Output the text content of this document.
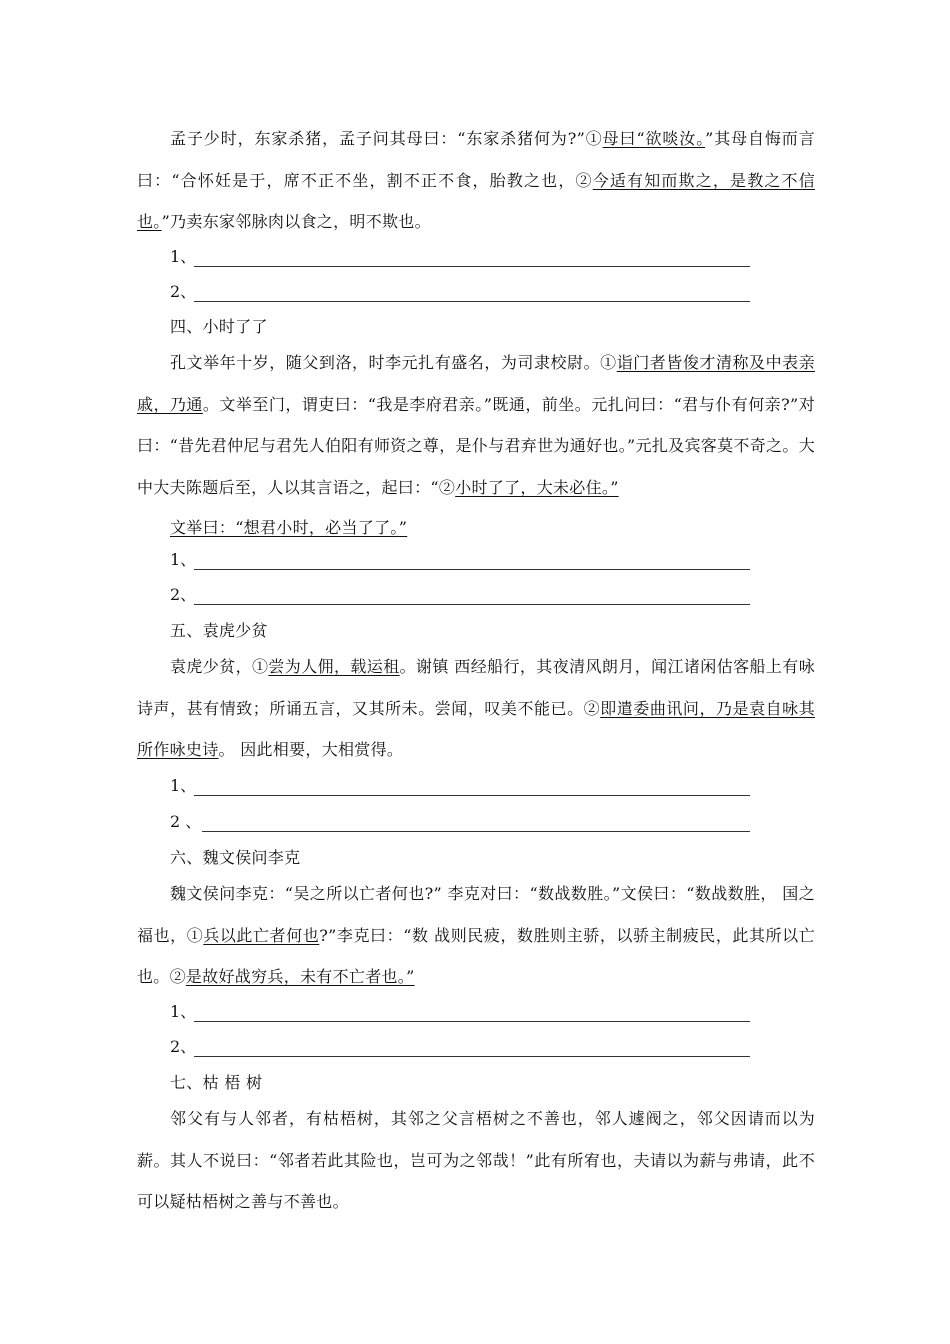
孟子少时，东家杀猪，孟子问其母曰：“东家杀猪何为?”①母曰“欲啖汝。”其母自悔而言曰：“合怀妊是于，席不正不坐，割不正不食，胎教之也，②今适有知而欺之，是教之不信也。”乃卖东家邻脉肉以食之，明不欺也。

1、
2、
四、小时了了

孔文举年十岁，随父到洛，时李元扎有盛名，为司隶校尉。①诣门者皆俊才清称及中表亲戚，乃通。文举至门，谓吏曰：“我是李府君亲。”既通，前坐。元扎问曰：“君与仆有何亲?”对曰：“昔先君仲尼与君先人伯阳有师资之尊，是仆与君弃世为通好也。”元扎及宾客莫不奇之。大中大夫陈题后至，人以其言语之，起曰：“②小时了了，大未必住。”

文举曰：“想君小时，必当了了。”

1、
2、
五、袁虎少贫

袁虎少贫，①尝为人佣，载运租。谢镇 西经船行，其夜清风朗月，闻江诸闲估客船上有咏诗声，甚有情致；所诵五言，又其所未。尝闻，叹美不能已。②即遣委曲讯问，乃是袁自咏其所作咏史诗。 因此相要，大相赏得。

1、
2 、
六、魏文侯问李克

魏文侯问李克：“吴之所以亡者何也?” 李克对曰：“数战数胜。”文侯曰：“数战数胜， 国之福也，①兵以此亡者何也?”李克曰：“数 战则民疲，数胜则主骄，以骄主制疲民，此其所以亡也。②是故好战穷兵，未有不亡者也。”

1、
2、
七、枯 梧 树

邻父有与人邻者，有枯梧树，其邻之父言梧树之不善也，邻人遽阀之，邻父因请而以为薪。其人不说曰：“邻者若此其险也，岂可为之邻哉！”此有所宥也，夫请以为薪与弗请，此不可以疑枯梧树之善与不善也。
